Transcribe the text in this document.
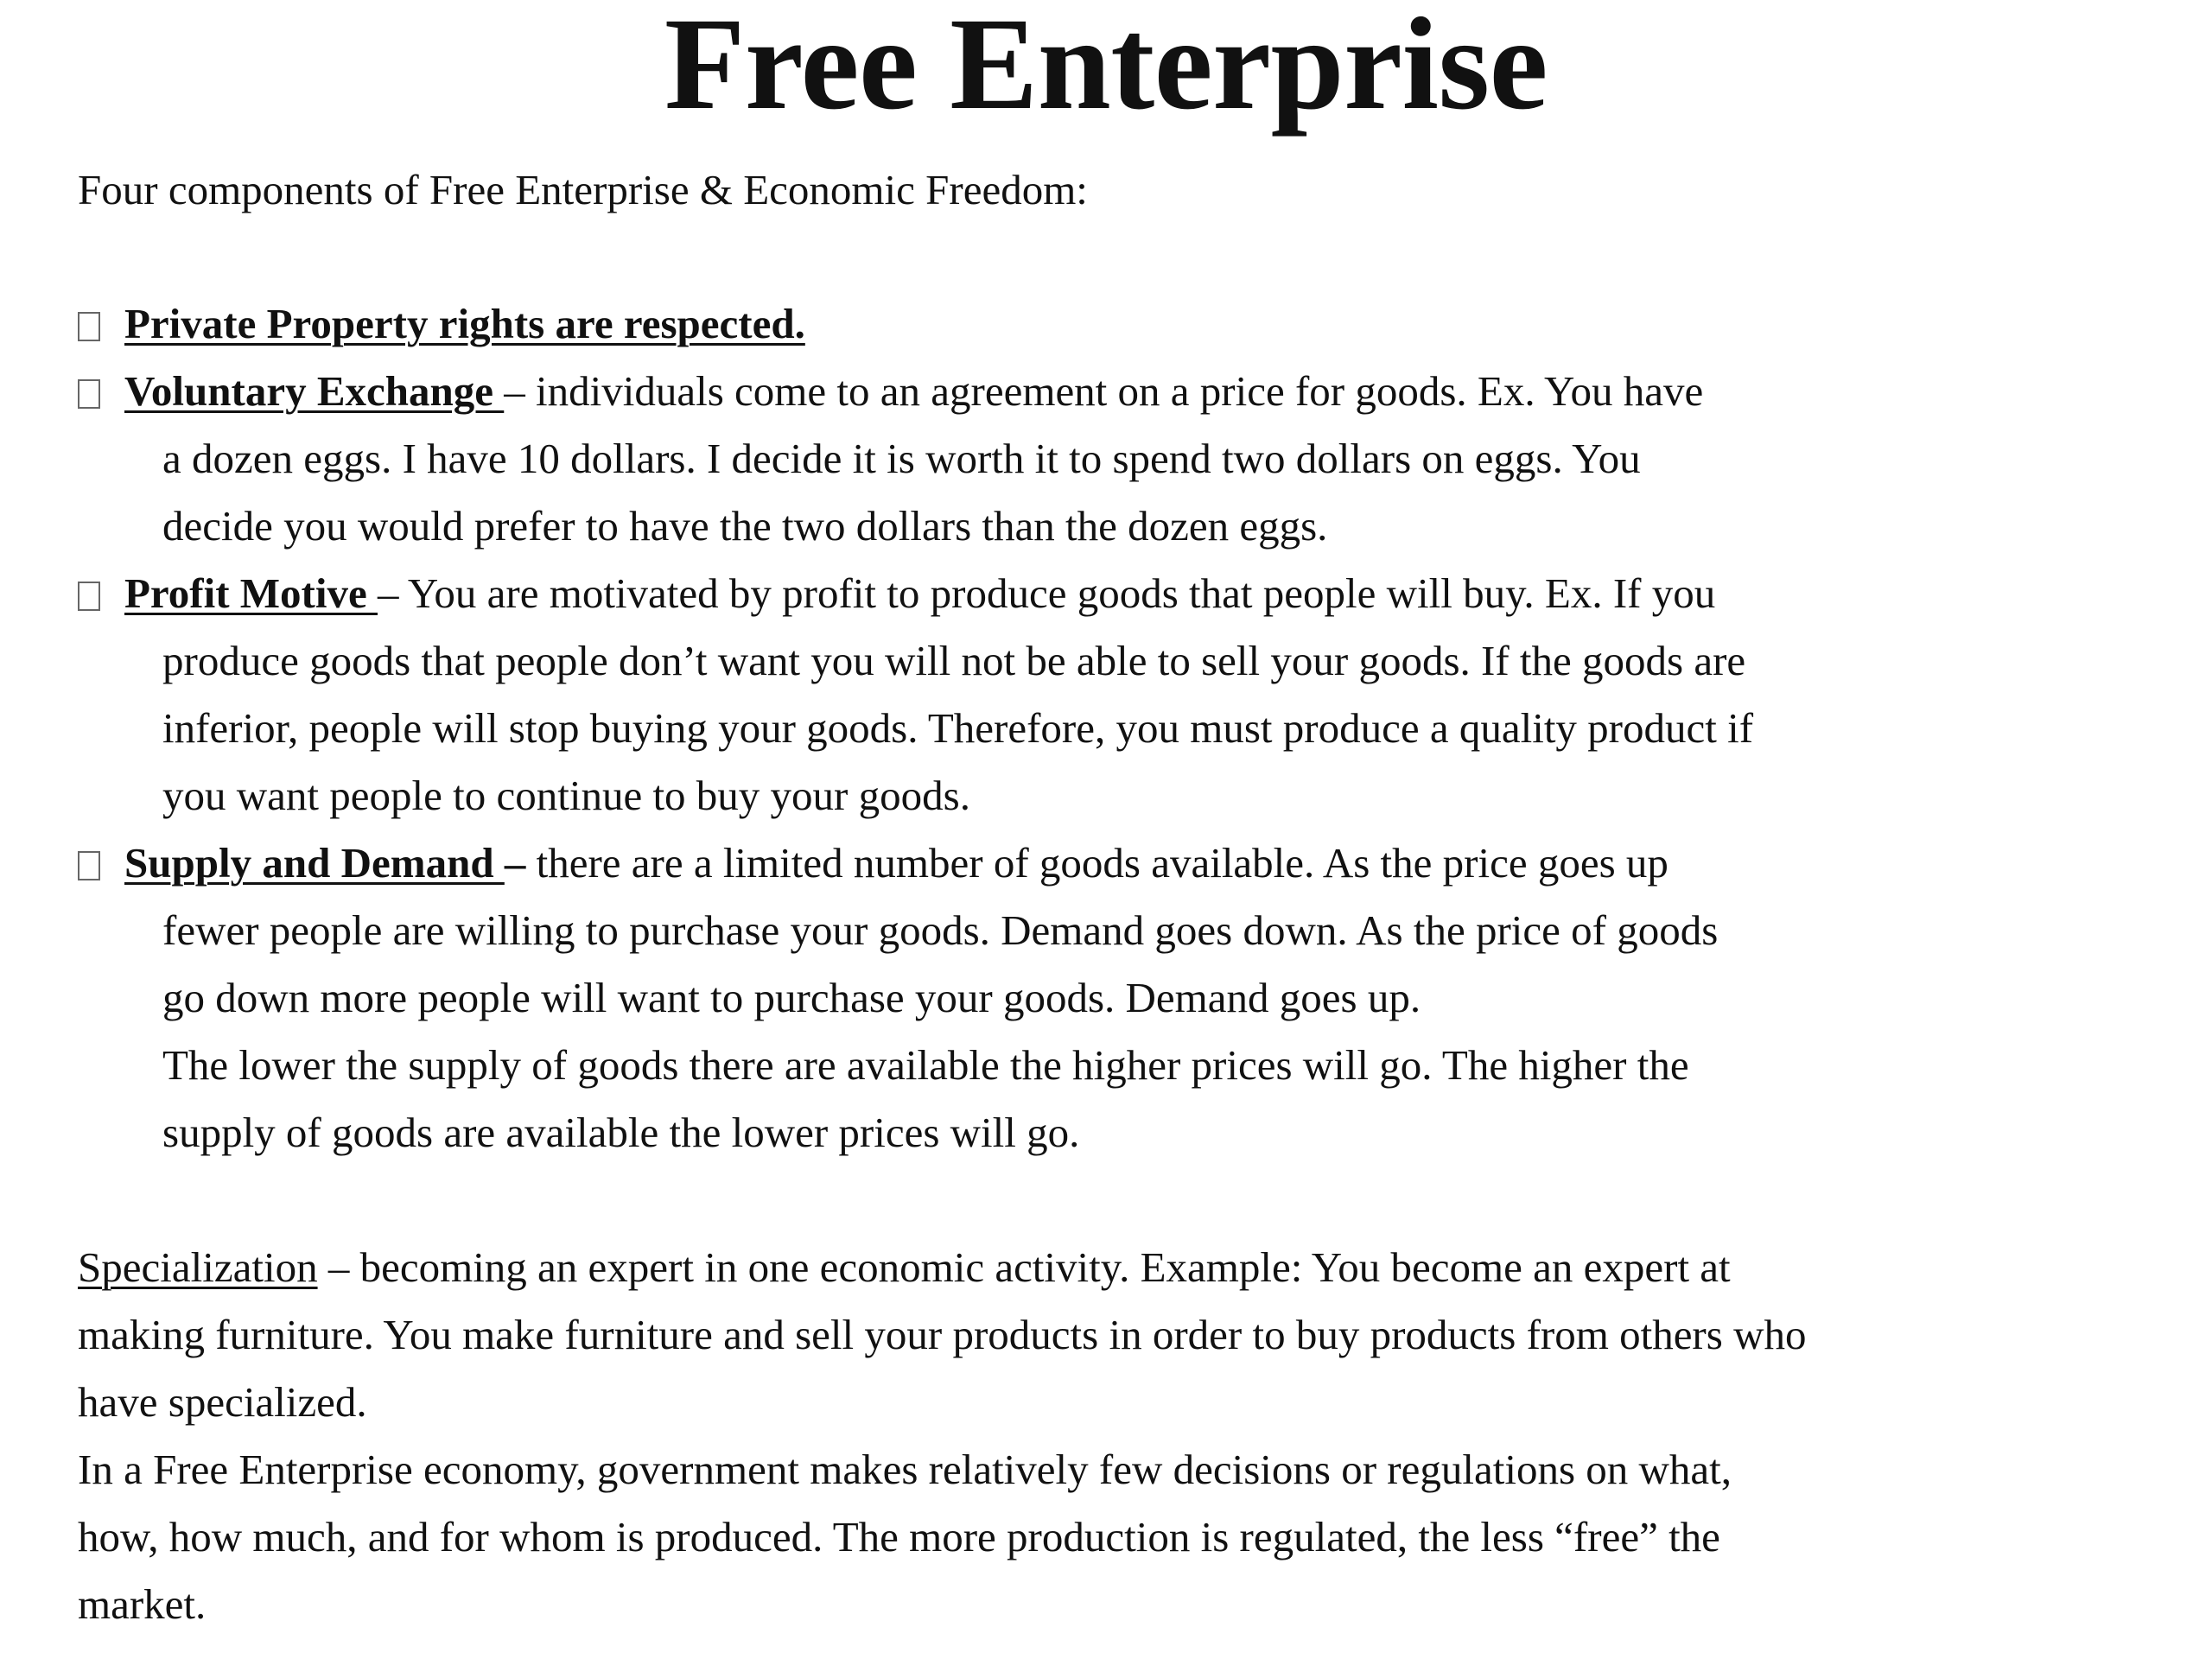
Free Enterprise
Four components of Free Enterprise & Economic Freedom:
Private Property rights are respected.
Voluntary Exchange – individuals come to an agreement on a price for goods. Ex. You have
a dozen eggs. I have 10 dollars. I decide it is worth it to spend two dollars on eggs. You
decide you would prefer to have the two dollars than the dozen eggs.
Profit Motive – You are motivated by profit to produce goods that people will buy. Ex. If you
produce goods that people don’t want you will not be able to sell your goods. If the goods are
inferior, people will stop buying your goods. Therefore, you must produce a quality product if
you want people to continue to buy your goods.
Supply and Demand – there are a limited number of goods available. As the price goes up
fewer people are willing to purchase your goods. Demand goes down. As the price of goods
go down more people will want to purchase your goods. Demand goes up.
The lower the supply of goods there are available the higher prices will go. The higher the
supply of goods are available the lower prices will go.
Specialization – becoming an expert in one economic activity. Example: You become an expert at
making furniture. You make furniture and sell your products in order to buy products from others who
have specialized.
In a Free Enterprise economy, government makes relatively few decisions or regulations on what,
how, how much, and for whom is produced. The more production is regulated, the less “free” the
market.
